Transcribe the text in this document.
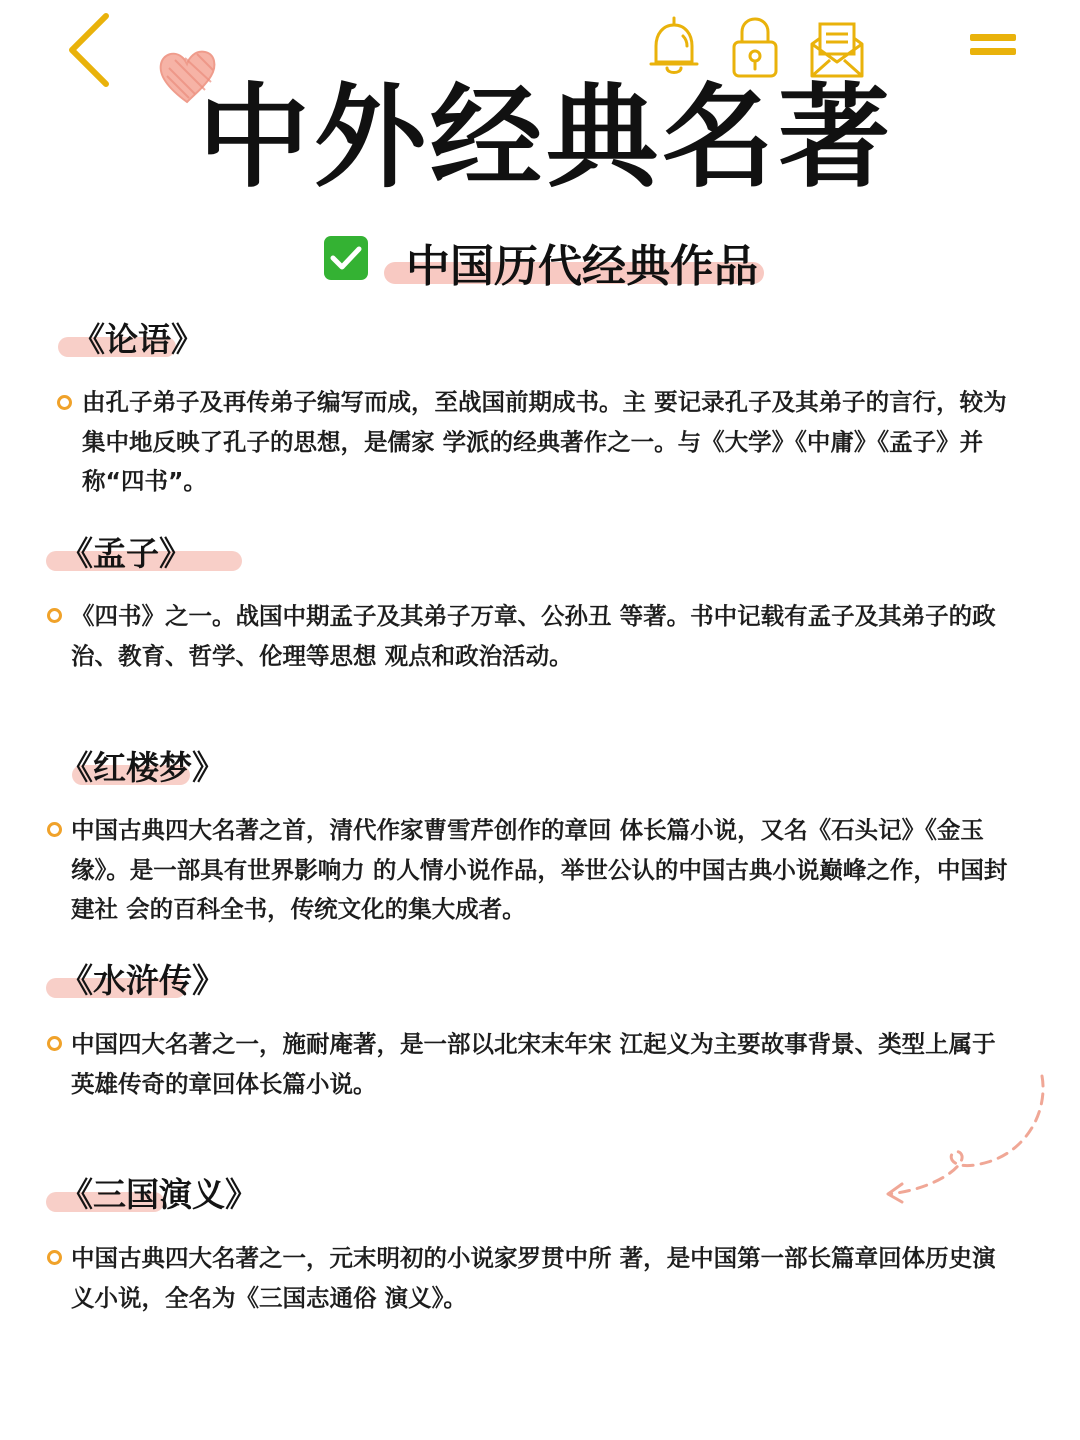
中外经典名著
中国历代经典作品
《论语》
由孔子弟子及再传弟子编写而成，至战国前期成书。主 要记录孔子及其弟子的言行，较为集中地反映了孔子的思想，是儒家 学派的经典著作之一。与《大学》《中庸》《孟子》并称“四书”。
《孟子》
《四书》之一。战国中期孟子及其弟子万章、公孙丑 等著。书中记载有孟子及其弟子的政治、教育、哲学、伦理等思想 观点和政治活动。
《红楼梦》
中国古典四大名著之首，清代作家曹雪芹创作的章回 体长篇小说，又名《石头记》《金玉缘》。是一部具有世界影响力 的人情小说作品，举世公认的中国古典小说巅峰之作，中国封建社 会的百科全书，传统文化的集大成者。
《水浒传》
中国四大名著之一，施耐庵著，是一部以北宋末年宋 江起义为主要故事背景、类型上属于英雄传奇的章回体长篇小说。
《三国演义》
中国古典四大名著之一，元末明初的小说家罗贯中所 著，是中国第一部长篇章回体历史演义小说，全名为《三国志通俗 演义》。
